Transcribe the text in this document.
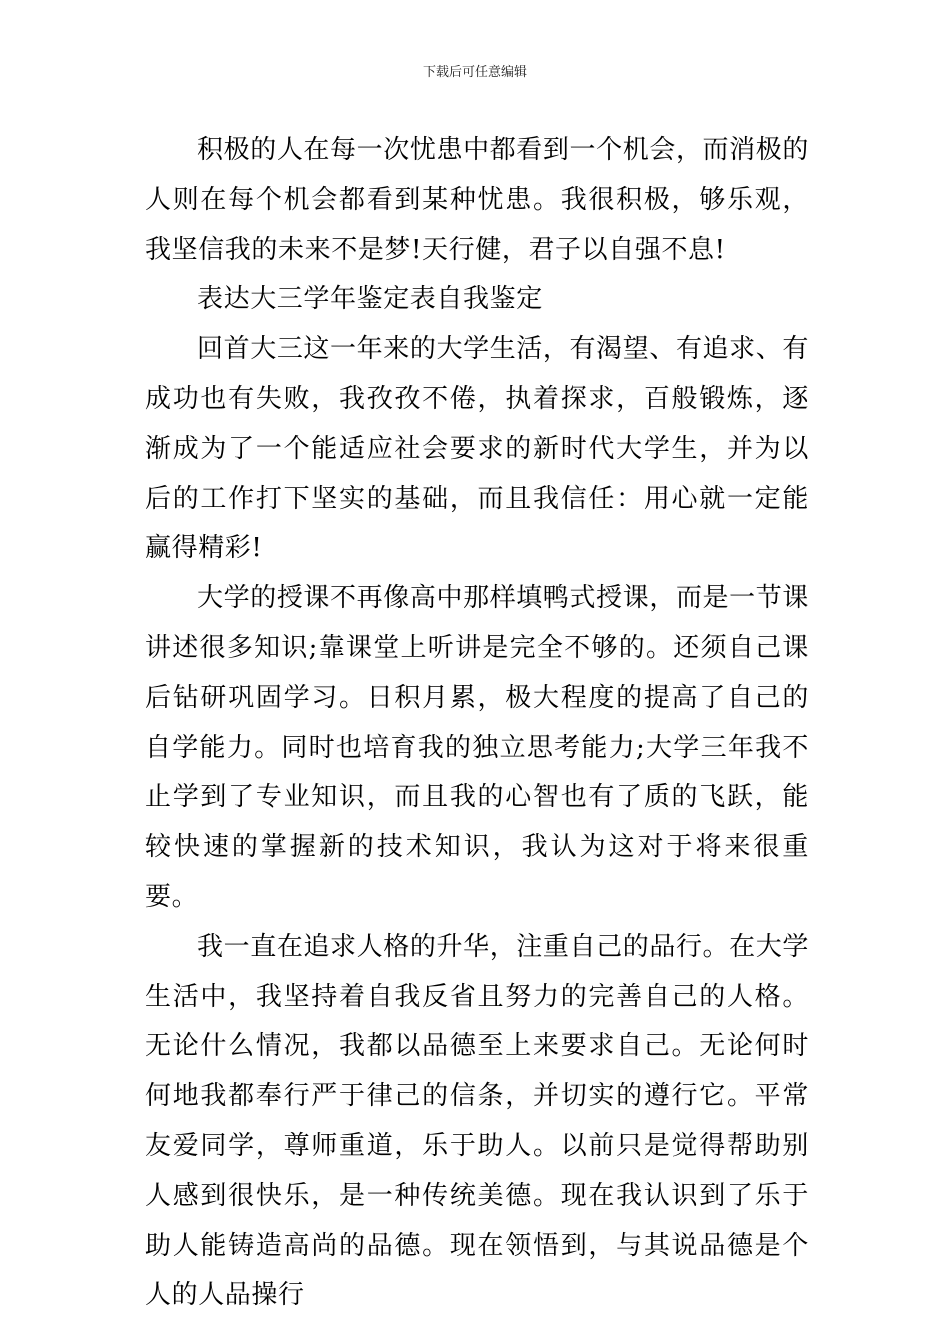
下载后可任意编辑

积极的人在每一次忧患中都看到一个机会，而消极的人则在每个机会都看到某种忧患。我很积极，够乐观，我坚信我的未来不是梦!天行健，君子以自强不息!

表达大三学年鉴定表自我鉴定

回首大三这一年来的大学生活，有渴望、有追求、有成功也有失败，我孜孜不倦，执着探求，百般锻炼，逐渐成为了一个能适应社会要求的新时代大学生，并为以后的工作打下坚实的基础，而且我信任：用心就一定能赢得精彩!

大学的授课不再像高中那样填鸭式授课，而是一节课讲述很多知识;靠课堂上听讲是完全不够的。还须自己课后钻研巩固学习。日积月累，极大程度的提高了自己的自学能力。同时也培育我的独立思考能力;大学三年我不止学到了专业知识，而且我的心智也有了质的飞跃，能较快速的掌握新的技术知识，我认为这对于将来很重要。

我一直在追求人格的升华，注重自己的品行。在大学生活中，我坚持着自我反省且努力的完善自己的人格。无论什么情况，我都以品德至上来要求自己。无论何时何地我都奉行严于律己的信条，并切实的遵行它。平常友爱同学，尊师重道，乐于助人。以前只是觉得帮助别人感到很快乐，是一种传统美德。现在我认识到了乐于助人能铸造高尚的品德。现在领悟到，与其说品德是个人的人品操行
